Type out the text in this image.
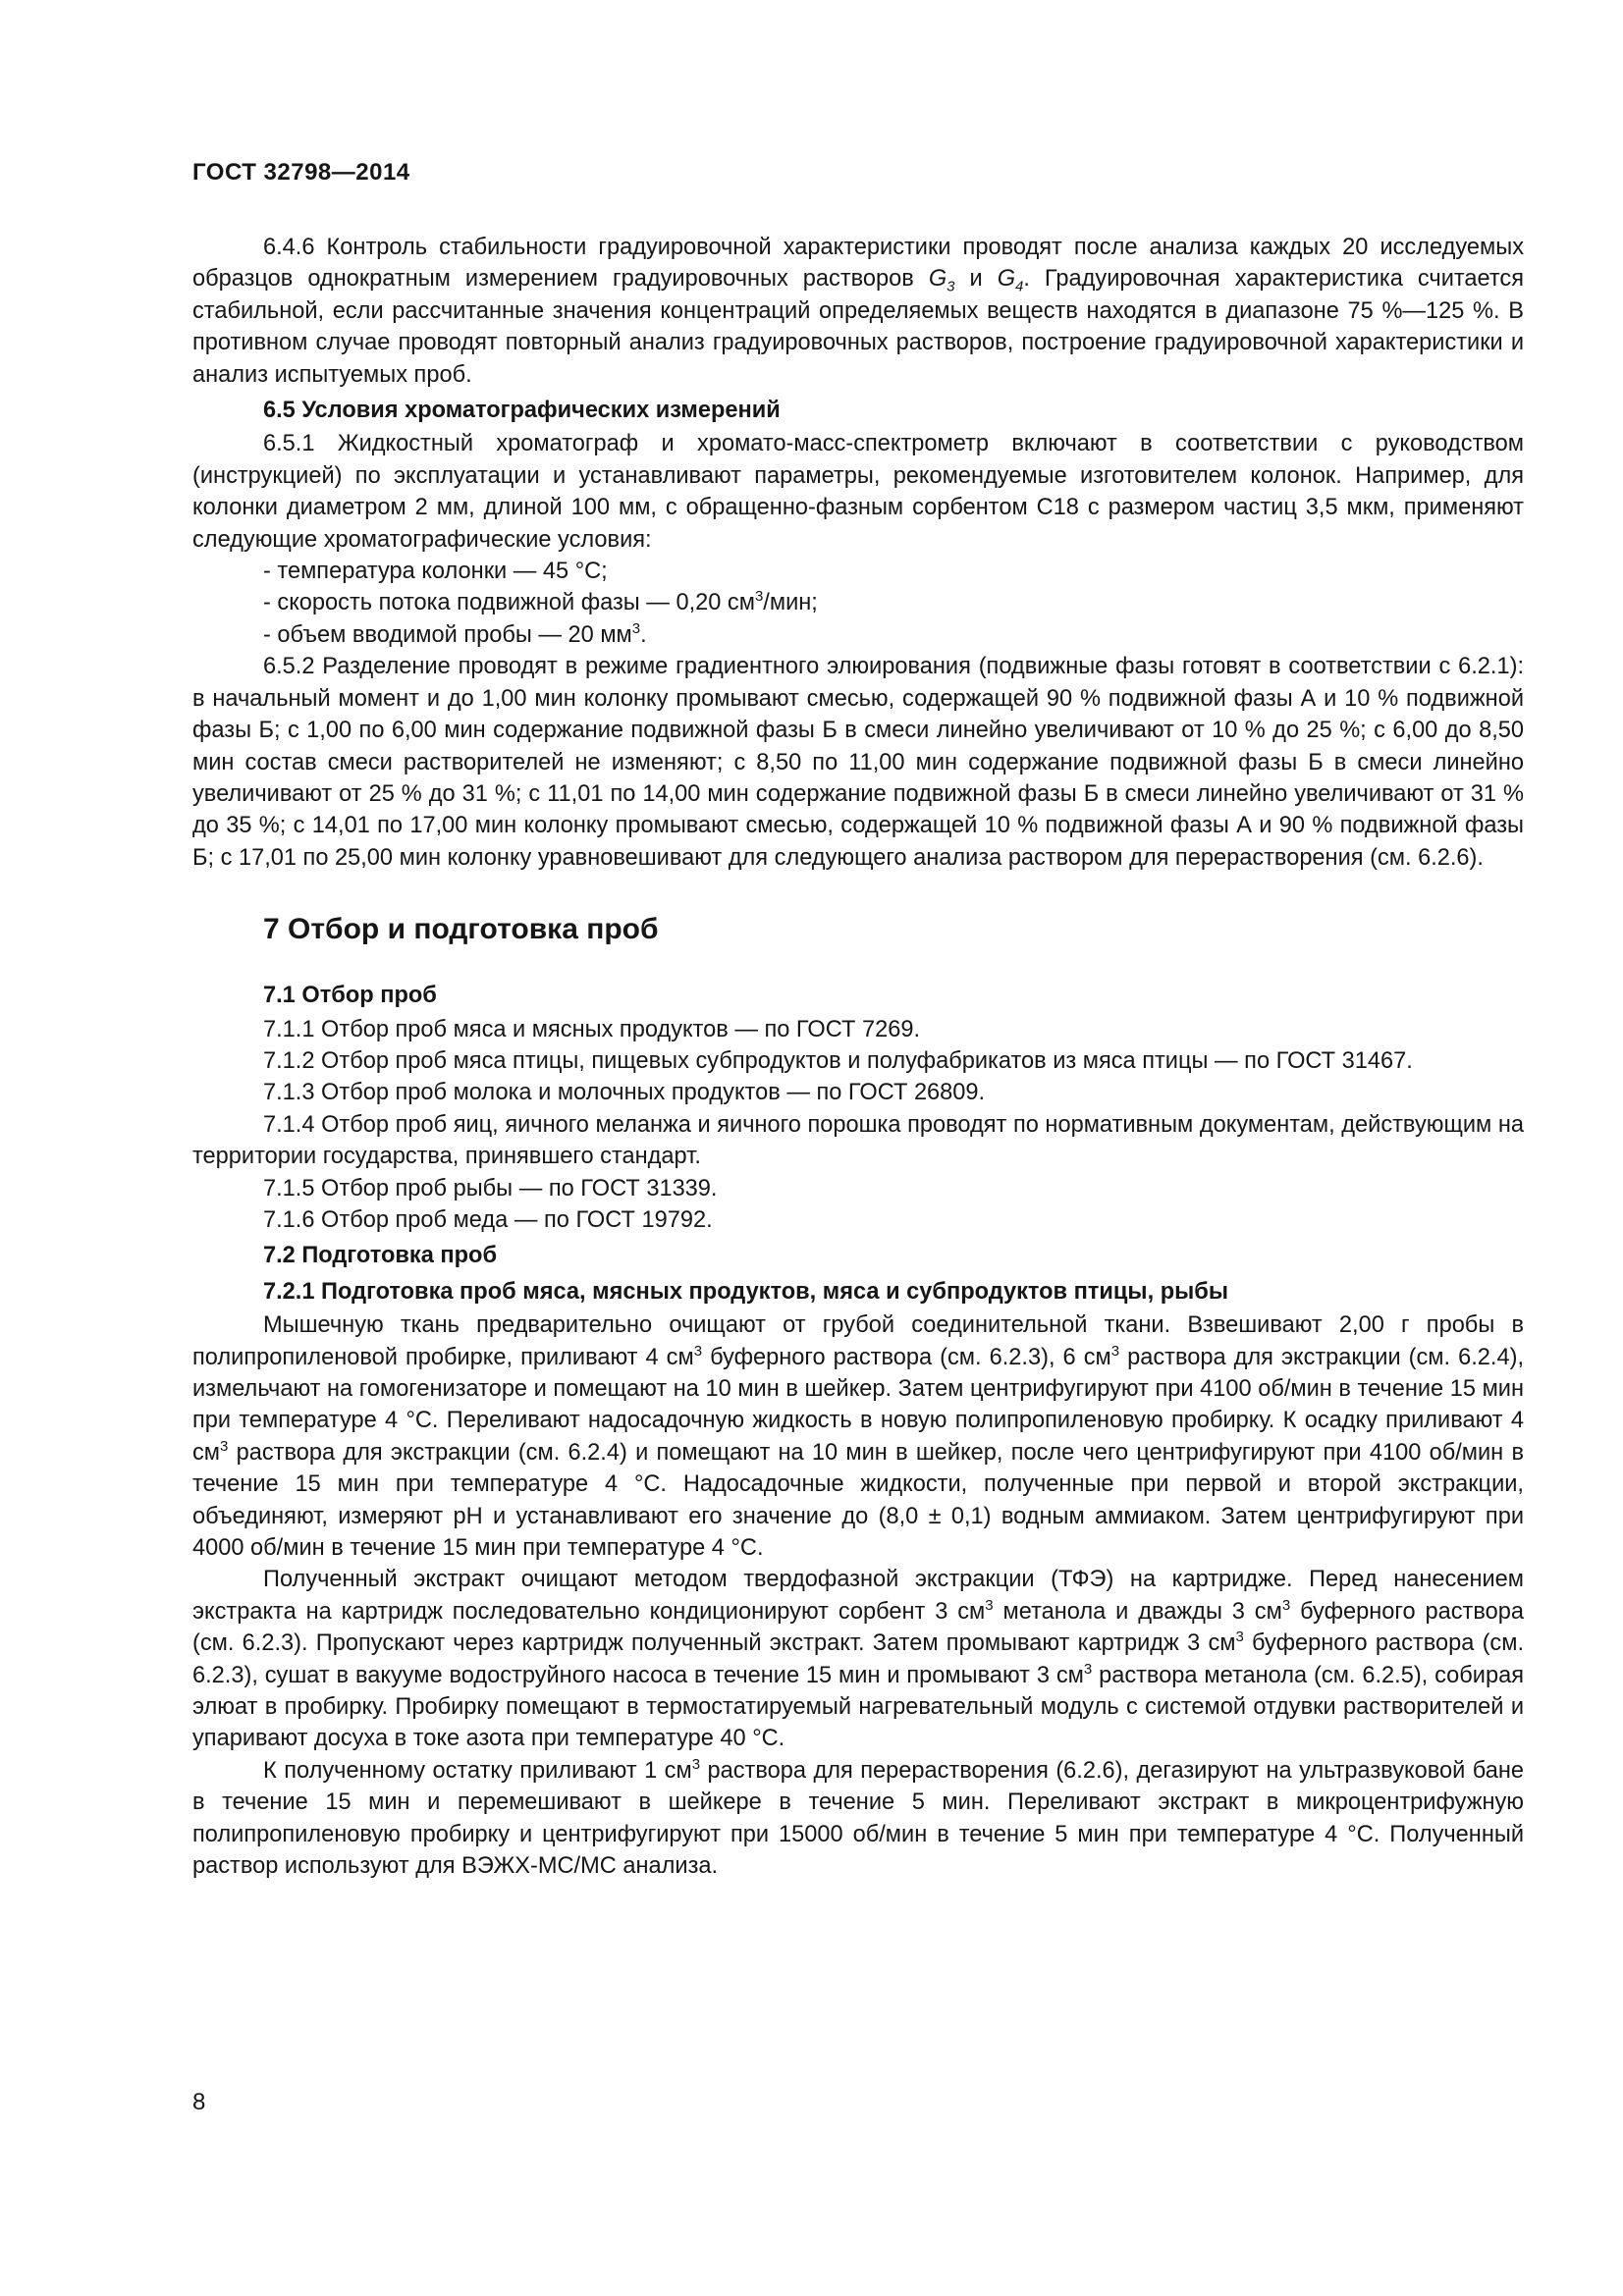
ГОСТ 32798—2014

6.4.6 Контроль стабильности градуировочной характеристики проводят после анализа каждых 20 исследуемых образцов однократным измерением градуировочных растворов $G_3$ и $G_4$. Градуировочная характеристика считается стабильной, если рассчитанные значения концентраций определяемых веществ находятся в диапазоне 75 %—125 %. В противном случае проводят повторный анализ градуировочных растворов, построение градуировочной характеристики и анализ испытуемых проб.

6.5 Условия хроматографических измерений

6.5.1 Жидкостный хроматограф и хромато-масс-спектрометр включают в соответствии с руководством (инструкцией) по эксплуатации и устанавливают параметры, рекомендуемые изготовителем колонок. Например, для колонки диаметром 2 мм, длиной 100 мм, с обращенно-фазным сорбентом С18 с размером частиц 3,5 мкм, применяют следующие хроматографические условия:

- температура колонки — 45 °С;

- скорость потока подвижной фазы — 0,20 $см^3$/мин;

- объем вводимой пробы — 20 $мм^3$.

6.5.2 Разделение проводят в режиме градиентного элюирования (подвижные фазы готовят в соответствии с 6.2.1): в начальный момент и до 1,00 мин колонку промывают смесью, содержащей 90 % подвижной фазы А и 10 % подвижной фазы Б; с 1,00 по 6,00 мин содержание подвижной фазы Б в смеси линейно увеличивают от 10 % до 25 %; с 6,00 до 8,50 мин состав смеси растворителей не изменяют; с 8,50 по 11,00 мин содержание подвижной фазы Б в смеси линейно увеличивают от 25 % до 31 %; с 11,01 по 14,00 мин содержание подвижной фазы Б в смеси линейно увеличивают от 31 % до 35 %; с 14,01 по 17,00 мин колонку промывают смесью, содержащей 10 % подвижной фазы А и 90 % подвижной фазы Б; с 17,01 по 25,00 мин колонку уравновешивают для следующего анализа раствором для перерастворения (см. 6.2.6).

7 Отбор и подготовка проб

7.1 Отбор проб

7.1.1 Отбор проб мяса и мясных продуктов — по ГОСТ 7269.

7.1.2 Отбор проб мяса птицы, пищевых субпродуктов и полуфабрикатов из мяса птицы — по ГОСТ 31467.

7.1.3 Отбор проб молока и молочных продуктов — по ГОСТ 26809.

7.1.4 Отбор проб яиц, яичного меланжа и яичного порошка проводят по нормативным документам, действующим на территории государства, принявшего стандарт.

7.1.5 Отбор проб рыбы — по ГОСТ 31339.

7.1.6 Отбор проб меда — по ГОСТ 19792.

7.2 Подготовка проб

7.2.1 Подготовка проб мяса, мясных продуктов, мяса и субпродуктов птицы, рыбы

Мышечную ткань предварительно очищают от грубой соединительной ткани. Взвешивают 2,00 г пробы в полипропиленовой пробирке, приливают 4 $см^3$ буферного раствора (см. 6.2.3), 6 $см^3$ раствора для экстракции (см. 6.2.4), измельчают на гомогенизаторе и помещают на 10 мин в шейкер. Затем центрифугируют при 4100 об/мин в течение 15 мин при температуре 4 °С. Переливают надосадочную жидкость в новую полипропиленовую пробирку. К осадку приливают 4 $см^3$ раствора для экстракции (см. 6.2.4) и помещают на 10 мин в шейкер, после чего центрифугируют при 4100 об/мин в течение 15 мин при температуре 4 °С. Надосадочные жидкости, полученные при первой и второй экстракции, объединяют, измеряют pH и устанавливают его значение до (8,0 ± 0,1) водным аммиаком. Затем центрифугируют при 4000 об/мин в течение 15 мин при температуре 4 °С.

Полученный экстракт очищают методом твердофазной экстракции (ТФЭ) на картридже. Перед нанесением экстракта на картридж последовательно кондиционируют сорбент 3 $см^3$ метанола и дважды 3 $см^3$ буферного раствора (см. 6.2.3). Пропускают через картридж полученный экстракт. Затем промывают картридж 3 $см^3$ буферного раствора (см. 6.2.3), сушат в вакууме водоструйного насоса в течение 15 мин и промывают 3 $см^3$ раствора метанола (см. 6.2.5), собирая элюат в пробирку. Пробирку помещают в термостатируемый нагревательный модуль с системой отдувки растворителей и упаривают досуха в токе азота при температуре 40 °С.

К полученному остатку приливают 1 $см^3$ раствора для перерастворения (6.2.6), дегазируют на ультразвуковой бане в течение 15 мин и перемешивают в шейкере в течение 5 мин. Переливают экстракт в микроцентрифужную полипропиленовую пробирку и центрифугируют при 15000 об/мин в течение 5 мин при температуре 4 °С. Полученный раствор используют для ВЭЖХ-МС/МС анализа.

8
